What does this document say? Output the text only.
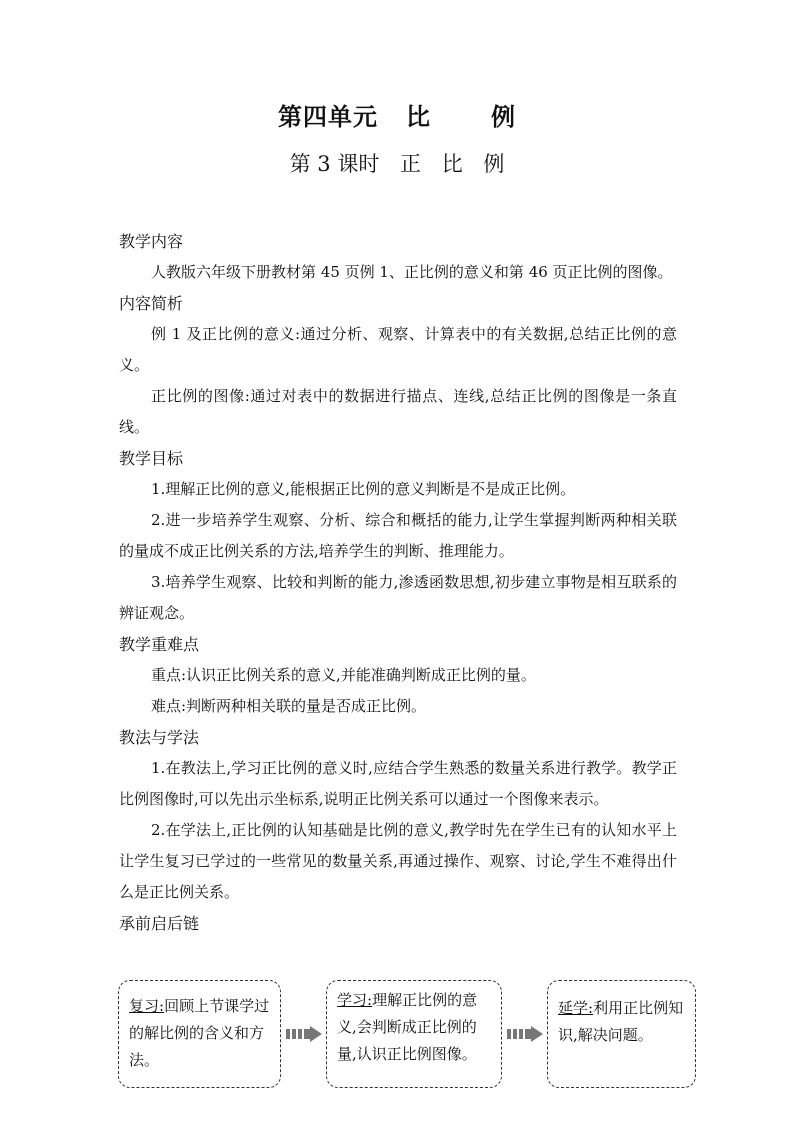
第四单元 比	例
第 3 课时 正 比 例

教学内容

人教版六年级下册教材第 45 页例 1、正比例的意义和第 46 页正比例的图像。

内容简析

例 1 及正比例的意义:通过分析、观察、计算表中的有关数据,总结正比例的意义。

正比例的图像:通过对表中的数据进行描点、连线,总结正比例的图像是一条直线。

教学目标

1.理解正比例的意义,能根据正比例的意义判断是不是成正比例。

2.进一步培养学生观察、分析、综合和概括的能力,让学生掌握判断两种相关联的量成不成正比例关系的方法,培养学生的判断、推理能力。

3.培养学生观察、比较和判断的能力,渗透函数思想,初步建立事物是相互联系的辨证观念。

教学重难点

重点:认识正比例关系的意义,并能准确判断成正比例的量。

难点:判断两种相关联的量是否成正比例。

教法与学法

1.在教法上,学习正比例的意义时,应结合学生熟悉的数量关系进行教学。教学正比例图像时,可以先出示坐标系,说明正比例关系可以通过一个图像来表示。

2.在学法上,正比例的认知基础是比例的意义,教学时先在学生已有的认知水平上让学生复习已学过的一些常见的数量关系,再通过操作、观察、讨论,学生不难得出什么是正比例关系。

承前启后链

复习:回顾上节课学过的解比例的含义和方法。
学习:理解正比例的意义,会判断成正比例的量,认识正比例图像。
延学:利用正比例知识,解决问题。
